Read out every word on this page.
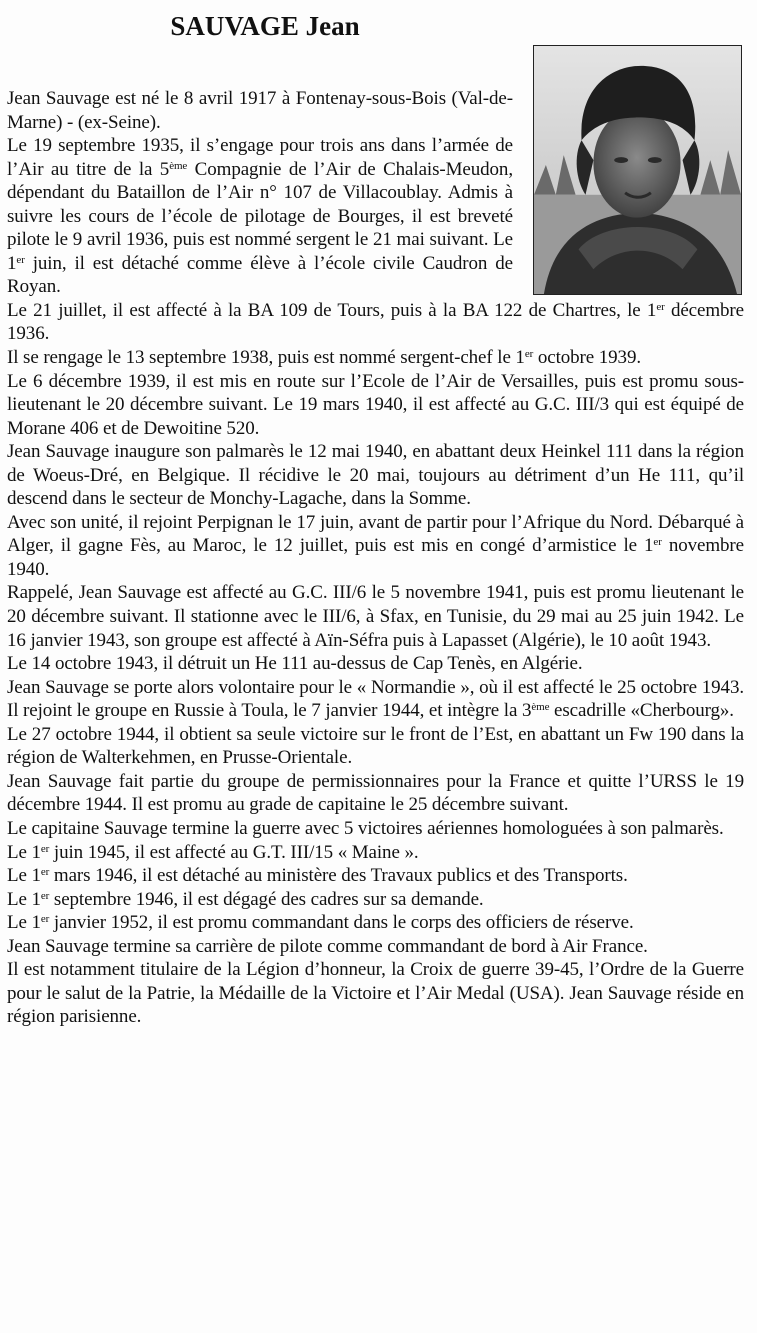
SAUVAGE Jean

Jean Sauvage est né le 8 avril 1917 à Fontenay-sous-Bois (Val-de-Marne) - (ex-Seine).

Le 19 septembre 1935, il s’engage pour trois ans dans l’armée de l’Air au titre de la 5ème Compagnie de l’Air de Chalais-Meudon, dépendant du Bataillon de l’Air n° 107 de Villacoublay. Admis à suivre les cours de l’école de pilotage de Bourges, il est breveté pilote le 9 avril 1936, puis est nommé sergent le 21 mai suivant. Le 1er juin, il est détaché comme élève à l’école civile Caudron de Royan.

Le 21 juillet, il est affecté à la BA 109 de Tours, puis à la BA 122 de Chartres, le 1er décembre 1936.

Il se rengage le 13 septembre 1938, puis est nommé sergent-chef le 1er octobre 1939.

Le 6 décembre 1939, il est mis en route sur l’Ecole de l’Air de Versailles, puis est promu sous-lieutenant le 20 décembre suivant. Le 19 mars 1940, il est affecté au G.C. III/3 qui est équipé de Morane 406 et de Dewoitine 520.

Jean Sauvage inaugure son palmarès le 12 mai 1940, en abattant deux Heinkel 111 dans la région de Woeus-Dré, en Belgique. Il récidive le 20 mai, toujours au détriment d’un He 111, qu’il descend dans le secteur de Monchy-Lagache, dans la Somme.

Avec son unité, il rejoint Perpignan le 17 juin, avant de partir pour l’Afrique du Nord. Débarqué à Alger, il gagne Fès, au Maroc, le 12 juillet, puis est mis en congé d’armistice le 1er novembre 1940.

Rappelé, Jean Sauvage est affecté au G.C. III/6 le 5 novembre 1941, puis est promu lieutenant le 20 décembre suivant. Il stationne avec le III/6, à Sfax, en Tunisie, du 29 mai au 25 juin 1942. Le 16 janvier 1943, son groupe est affecté à Aïn-Séfra puis à Lapasset (Algérie), le 10 août 1943.

Le 14 octobre 1943, il détruit un He 111 au-dessus de Cap Tenès, en Algérie.

Jean Sauvage se porte alors volontaire pour le « Normandie », où il est affecté le 25 octobre 1943. Il rejoint le groupe en Russie à Toula, le 7 janvier 1944, et intègre la 3ème escadrille «Cherbourg».

Le 27 octobre 1944, il obtient sa seule victoire sur le front de l’Est, en abattant un Fw 190 dans la région de Walterkehmen, en Prusse-Orientale.

Jean Sauvage fait partie du groupe de permissionnaires pour la France et quitte l’URSS le 19 décembre 1944. Il est promu au grade de capitaine le 25 décembre suivant.

Le capitaine Sauvage termine la guerre avec 5 victoires aériennes homologuées à son palmarès.

Le 1er juin 1945, il est affecté au G.T. III/15 « Maine ».

Le 1er mars 1946, il est détaché au ministère des Travaux publics et des Transports.

Le 1er septembre 1946, il est dégagé des cadres sur sa demande.

Le 1er janvier 1952, il est promu commandant dans le corps des officiers de réserve.

Jean Sauvage termine sa carrière de pilote comme commandant de bord à Air France.

Il est notamment titulaire de la Légion d’honneur, la Croix de guerre 39-45, l’Ordre de la Guerre pour le salut de la Patrie, la Médaille de la Victoire et l’Air Medal (USA). Jean Sauvage réside en région parisienne.
